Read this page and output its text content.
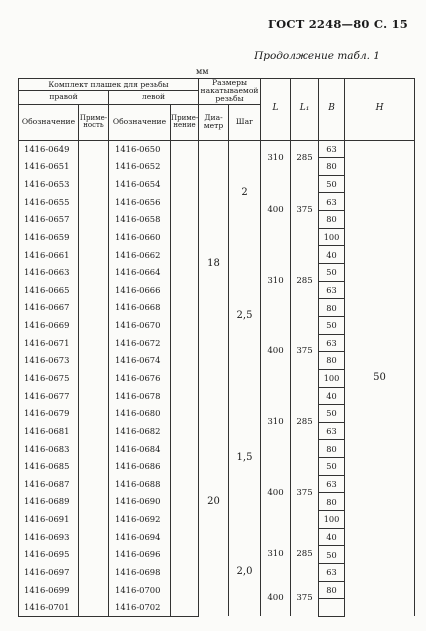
ГОСТ 2248—80 С. 15
Продолжение табл. 1
мм
Комплект плашек для резьбы				Размеры накатываемой резьбы		L	L₁	B	H
правой		левой							
Обозначение	Приме-
ность	Обозначение	Приме-нение	Диа-метр	Шаг				
1416-0649		1416-0650		18	2	310	285	63	50
1416-0651		1416-0652						80	
1416-0653		1416-0654				400	375	50	
1416-0655		1416-0656						63	
1416-0657		1416-0658						80	
1416-0659		1416-0660						100	
1416-0661		1416-0662			2,5	310	285	40	
1416-0663		1416-0664						50	
1416-0665		1416-0666						63	
1416-0667		1416-0668						80	
1416-0669		1416-0670				400	375	50	
1416-0671		1416-0672						63	
1416-0673		1416-0674						80	
1416-0675		1416-0676						100	
1416-0677		1416-0678		20	1,5	310	285	40	
1416-0679		1416-0680						50	
1416-0681		1416-0682						63	
1416-0683		1416-0684						80	
1416-0685		1416-0686				400	375	50	
1416-0687		1416-0688						63	
1416-0689		1416-0690						80	
1416-0691		1416-0692						100	
1416-0693		1416-0694			2,0	310	285	40	
1416-0695		1416-0696						50	
1416-0697		1416-0698						63	
1416-0699		1416-0700				400	375	80	
1416-0701		1416-0702							
